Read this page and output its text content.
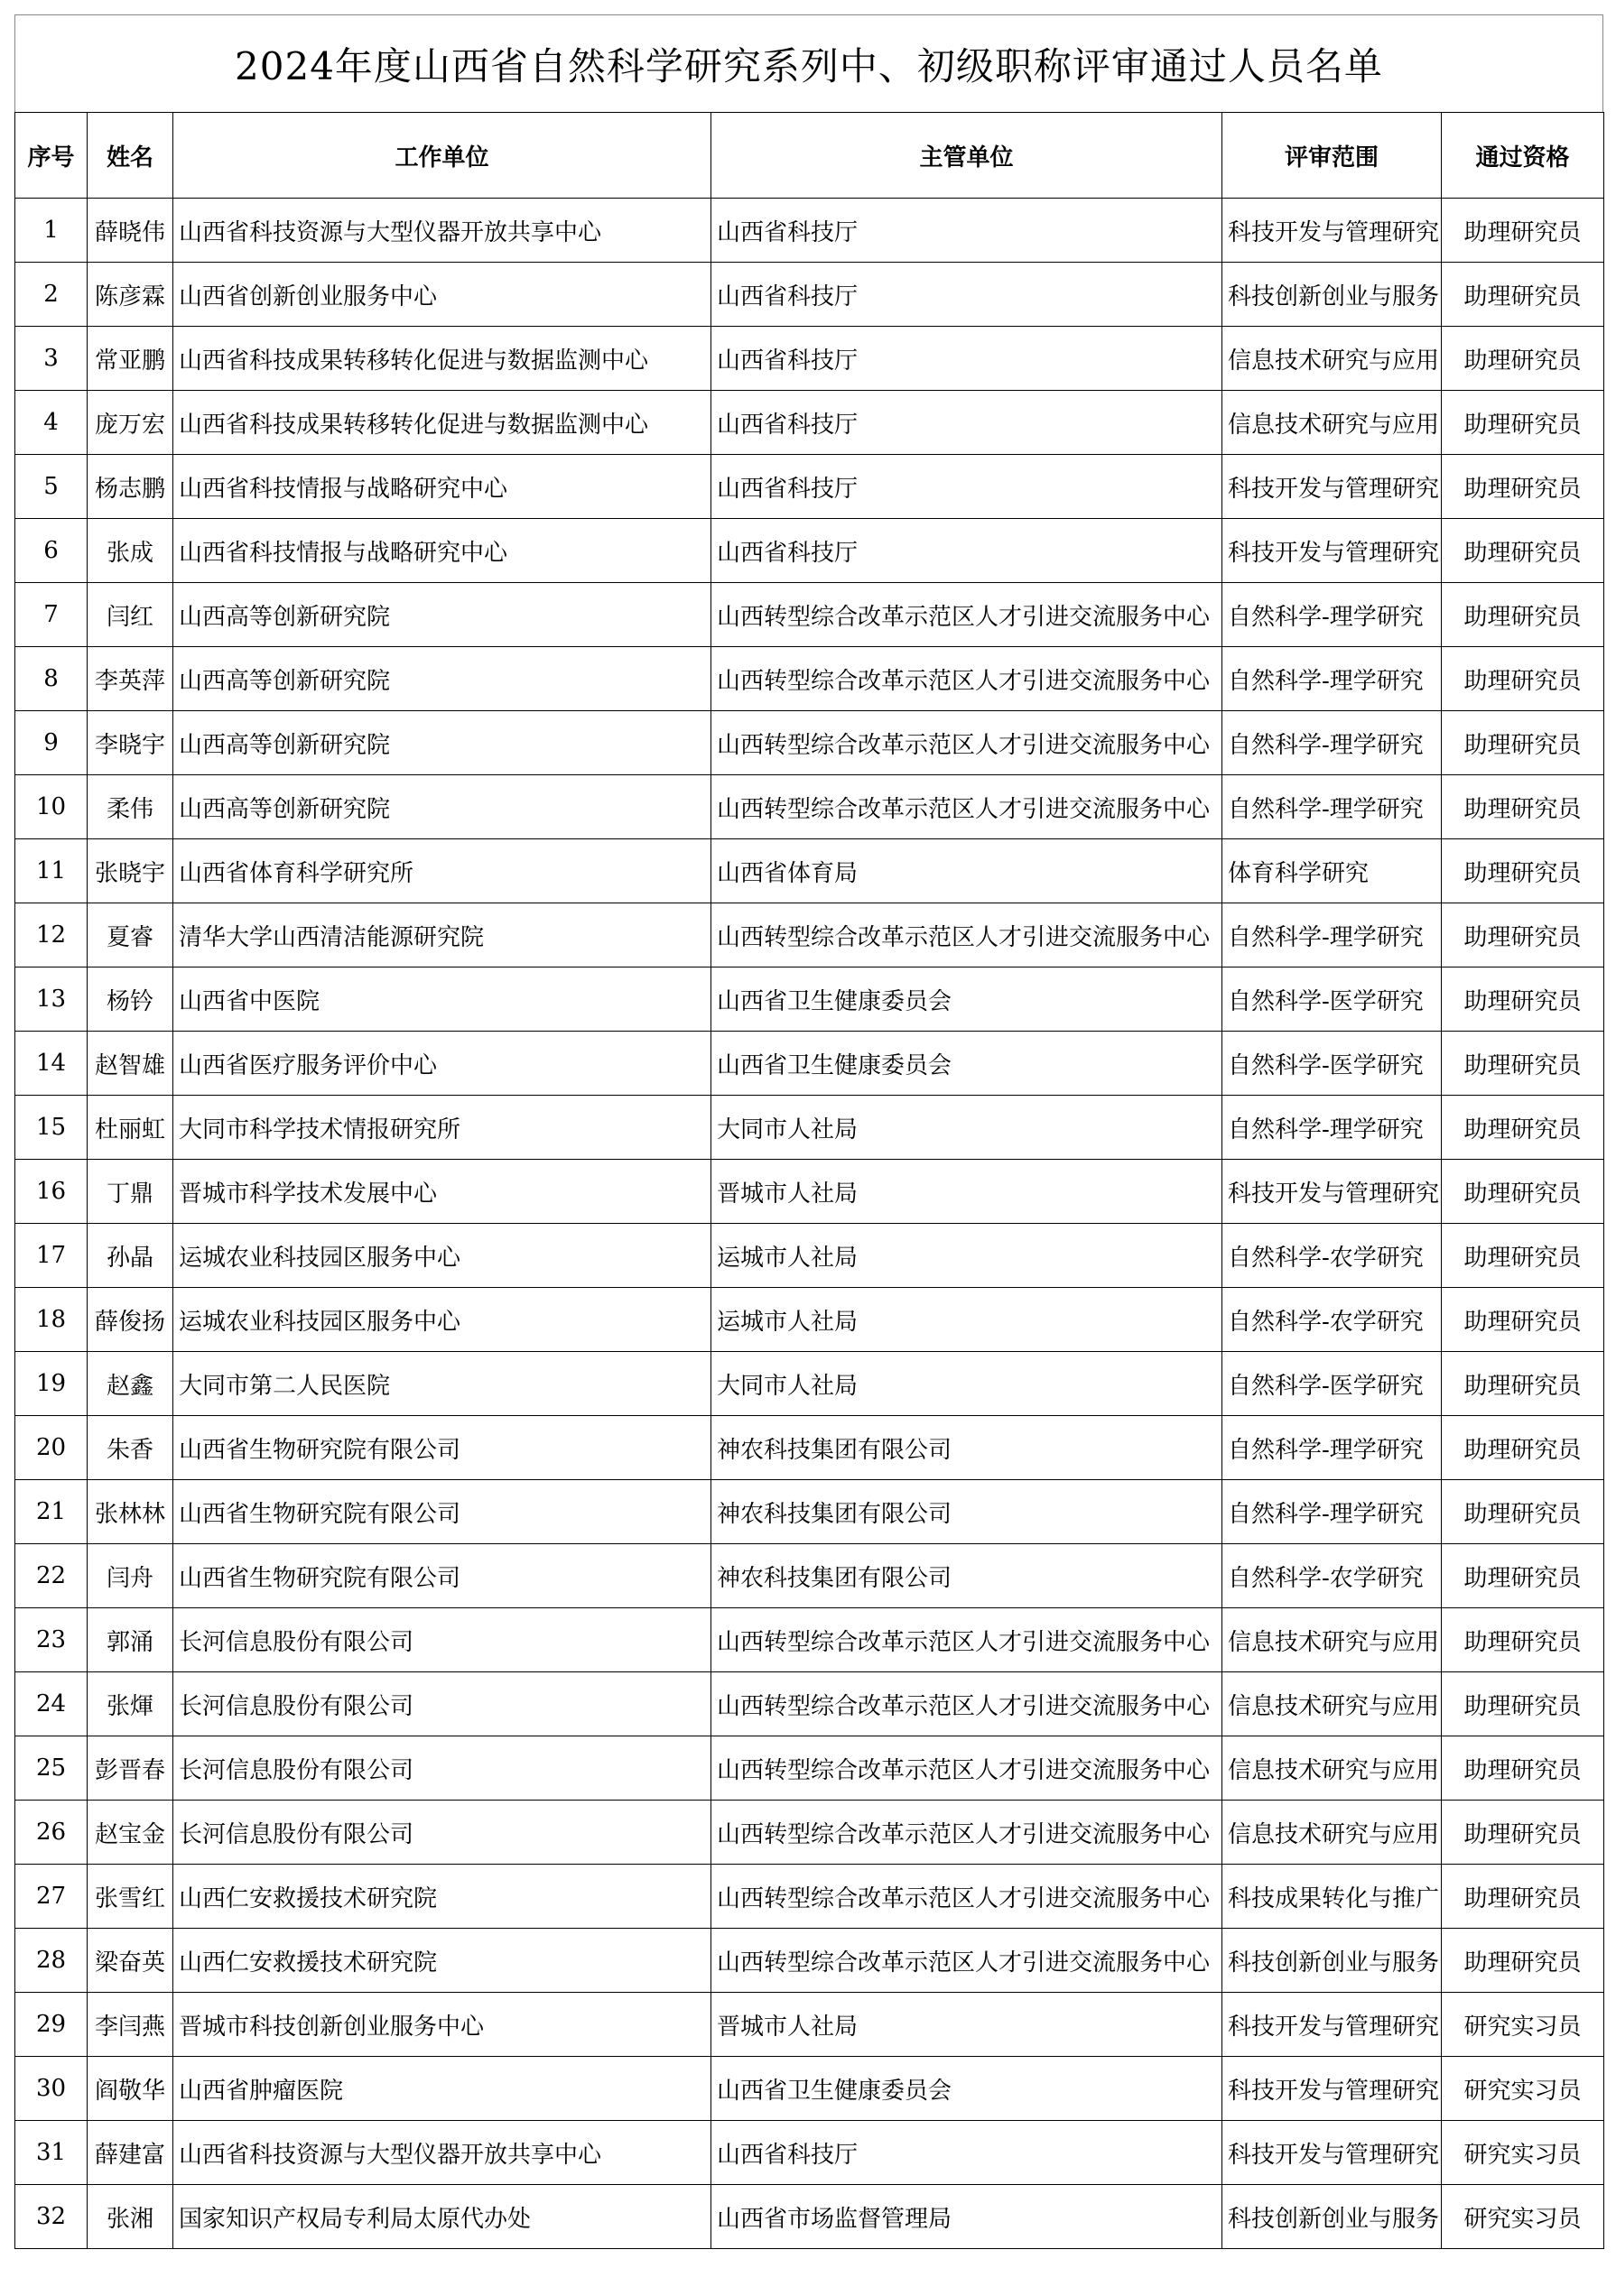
2024年度山西省自然科学研究系列中、初级职称评审通过人员名单
序号	姓名	工作单位	主管单位	评审范围	通过资格
1	薛晓伟	山西省科技资源与大型仪器开放共享中心	山西省科技厅	科技开发与管理研究	助理研究员
2	陈彦霖	山西省创新创业服务中心	山西省科技厅	科技创新创业与服务	助理研究员
3	常亚鹏	山西省科技成果转移转化促进与数据监测中心	山西省科技厅	信息技术研究与应用	助理研究员
4	庞万宏	山西省科技成果转移转化促进与数据监测中心	山西省科技厅	信息技术研究与应用	助理研究员
5	杨志鹏	山西省科技情报与战略研究中心	山西省科技厅	科技开发与管理研究	助理研究员
6	张成	山西省科技情报与战略研究中心	山西省科技厅	科技开发与管理研究	助理研究员
7	闫红	山西高等创新研究院	山西转型综合改革示范区人才引进交流服务中心	自然科学-理学研究	助理研究员
8	李英萍	山西高等创新研究院	山西转型综合改革示范区人才引进交流服务中心	自然科学-理学研究	助理研究员
9	李晓宇	山西高等创新研究院	山西转型综合改革示范区人才引进交流服务中心	自然科学-理学研究	助理研究员
10	柔伟	山西高等创新研究院	山西转型综合改革示范区人才引进交流服务中心	自然科学-理学研究	助理研究员
11	张晓宇	山西省体育科学研究所	山西省体育局	体育科学研究	助理研究员
12	夏睿	清华大学山西清洁能源研究院	山西转型综合改革示范区人才引进交流服务中心	自然科学-理学研究	助理研究员
13	杨钤	山西省中医院	山西省卫生健康委员会	自然科学-医学研究	助理研究员
14	赵智雄	山西省医疗服务评价中心	山西省卫生健康委员会	自然科学-医学研究	助理研究员
15	杜丽虹	大同市科学技术情报研究所	大同市人社局	自然科学-理学研究	助理研究员
16	丁鼎	晋城市科学技术发展中心	晋城市人社局	科技开发与管理研究	助理研究员
17	孙晶	运城农业科技园区服务中心	运城市人社局	自然科学-农学研究	助理研究员
18	薛俊扬	运城农业科技园区服务中心	运城市人社局	自然科学-农学研究	助理研究员
19	赵鑫	大同市第二人民医院	大同市人社局	自然科学-医学研究	助理研究员
20	朱香	山西省生物研究院有限公司	神农科技集团有限公司	自然科学-理学研究	助理研究员
21	张林林	山西省生物研究院有限公司	神农科技集团有限公司	自然科学-理学研究	助理研究员
22	闫舟	山西省生物研究院有限公司	神农科技集团有限公司	自然科学-农学研究	助理研究员
23	郭涌	长河信息股份有限公司	山西转型综合改革示范区人才引进交流服务中心	信息技术研究与应用	助理研究员
24	张煇	长河信息股份有限公司	山西转型综合改革示范区人才引进交流服务中心	信息技术研究与应用	助理研究员
25	彭晋春	长河信息股份有限公司	山西转型综合改革示范区人才引进交流服务中心	信息技术研究与应用	助理研究员
26	赵宝金	长河信息股份有限公司	山西转型综合改革示范区人才引进交流服务中心	信息技术研究与应用	助理研究员
27	张雪红	山西仁安救援技术研究院	山西转型综合改革示范区人才引进交流服务中心	科技成果转化与推广	助理研究员
28	梁奋英	山西仁安救援技术研究院	山西转型综合改革示范区人才引进交流服务中心	科技创新创业与服务	助理研究员
29	李闫燕	晋城市科技创新创业服务中心	晋城市人社局	科技开发与管理研究	研究实习员
30	阎敬华	山西省肿瘤医院	山西省卫生健康委员会	科技开发与管理研究	研究实习员
31	薛建富	山西省科技资源与大型仪器开放共享中心	山西省科技厅	科技开发与管理研究	研究实习员
32	张湘	国家知识产权局专利局太原代办处	山西省市场监督管理局	科技创新创业与服务	研究实习员
